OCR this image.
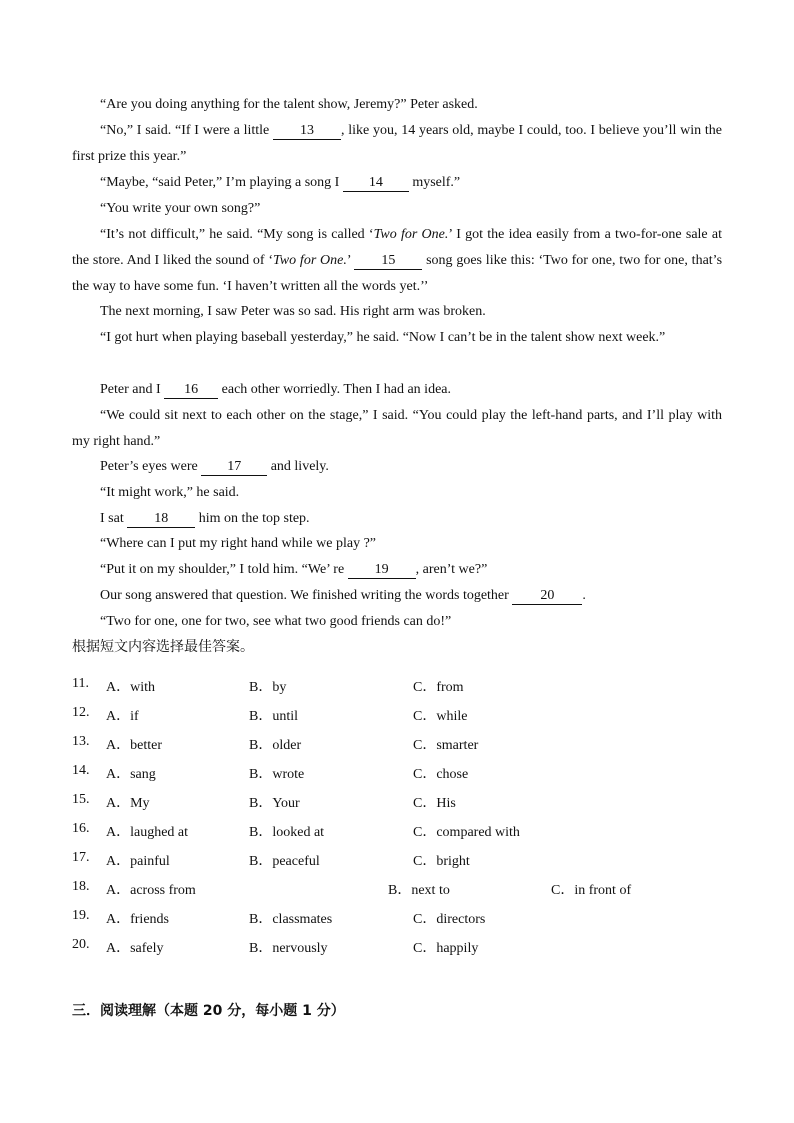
“Are you doing anything for the talent show, Jeremy?” Peter asked.
“No,” I said. “If I were a little 13 , like you, 14 years old, maybe I could, too. I believe you’ll win the first prize this year.”
“Maybe, “said Peter,” I’m playing a song I 14 myself.”
“You write your own song?”
“It’s not difficult,” he said. “My song is called ‘Two for One.’ I got the idea easily from a two-for-one sale at the store. And I liked the sound of ‘Two for One.’ 15 song goes like this: ‘Two for one, two for one, that’s the way to have some fun. ‘I haven’t written all the words yet.’’
The next morning, I saw Peter was so sad. His right arm was broken.
“I got hurt when playing baseball yesterday,” he said. “Now I can’t be in the talent show next week.”
Peter and I 16 each other worriedly. Then I had an idea.
“We could sit next to each other on the stage,” I said. “You could play the left-hand parts, and I’ll play with my right hand.”
Peter’s eyes were 17 and lively.
“It might work,” he said.
I sat 18 him on the top step.
“Where can I put my right hand while we play ?”
“Put it on my shoulder,” I told him. “We’ re 19 , aren’t we?”
Our song answered that question. We finished writing the words together 20 .
“Two for one, one for two, see what two good friends can do!”
根据短文内容选择最佳答案。
11. A．with	B．by	C．from
12. A．if	B．until	C．while
13. A．better	B．older	C．smarter
14. A．sang	B．wrote	C．chose
15. A．My	B．Your	C．His
16. A．laughed at	B．looked at	C．compared with
17. A．painful	B．peaceful	C．bright
18. A．across from	B．next to	C．in front of
19. A．friends	B．classmates	C．directors
20. A．safely	B．nervously	C．happily
三．阅读理解（本题 20 分，每小题 1 分）
